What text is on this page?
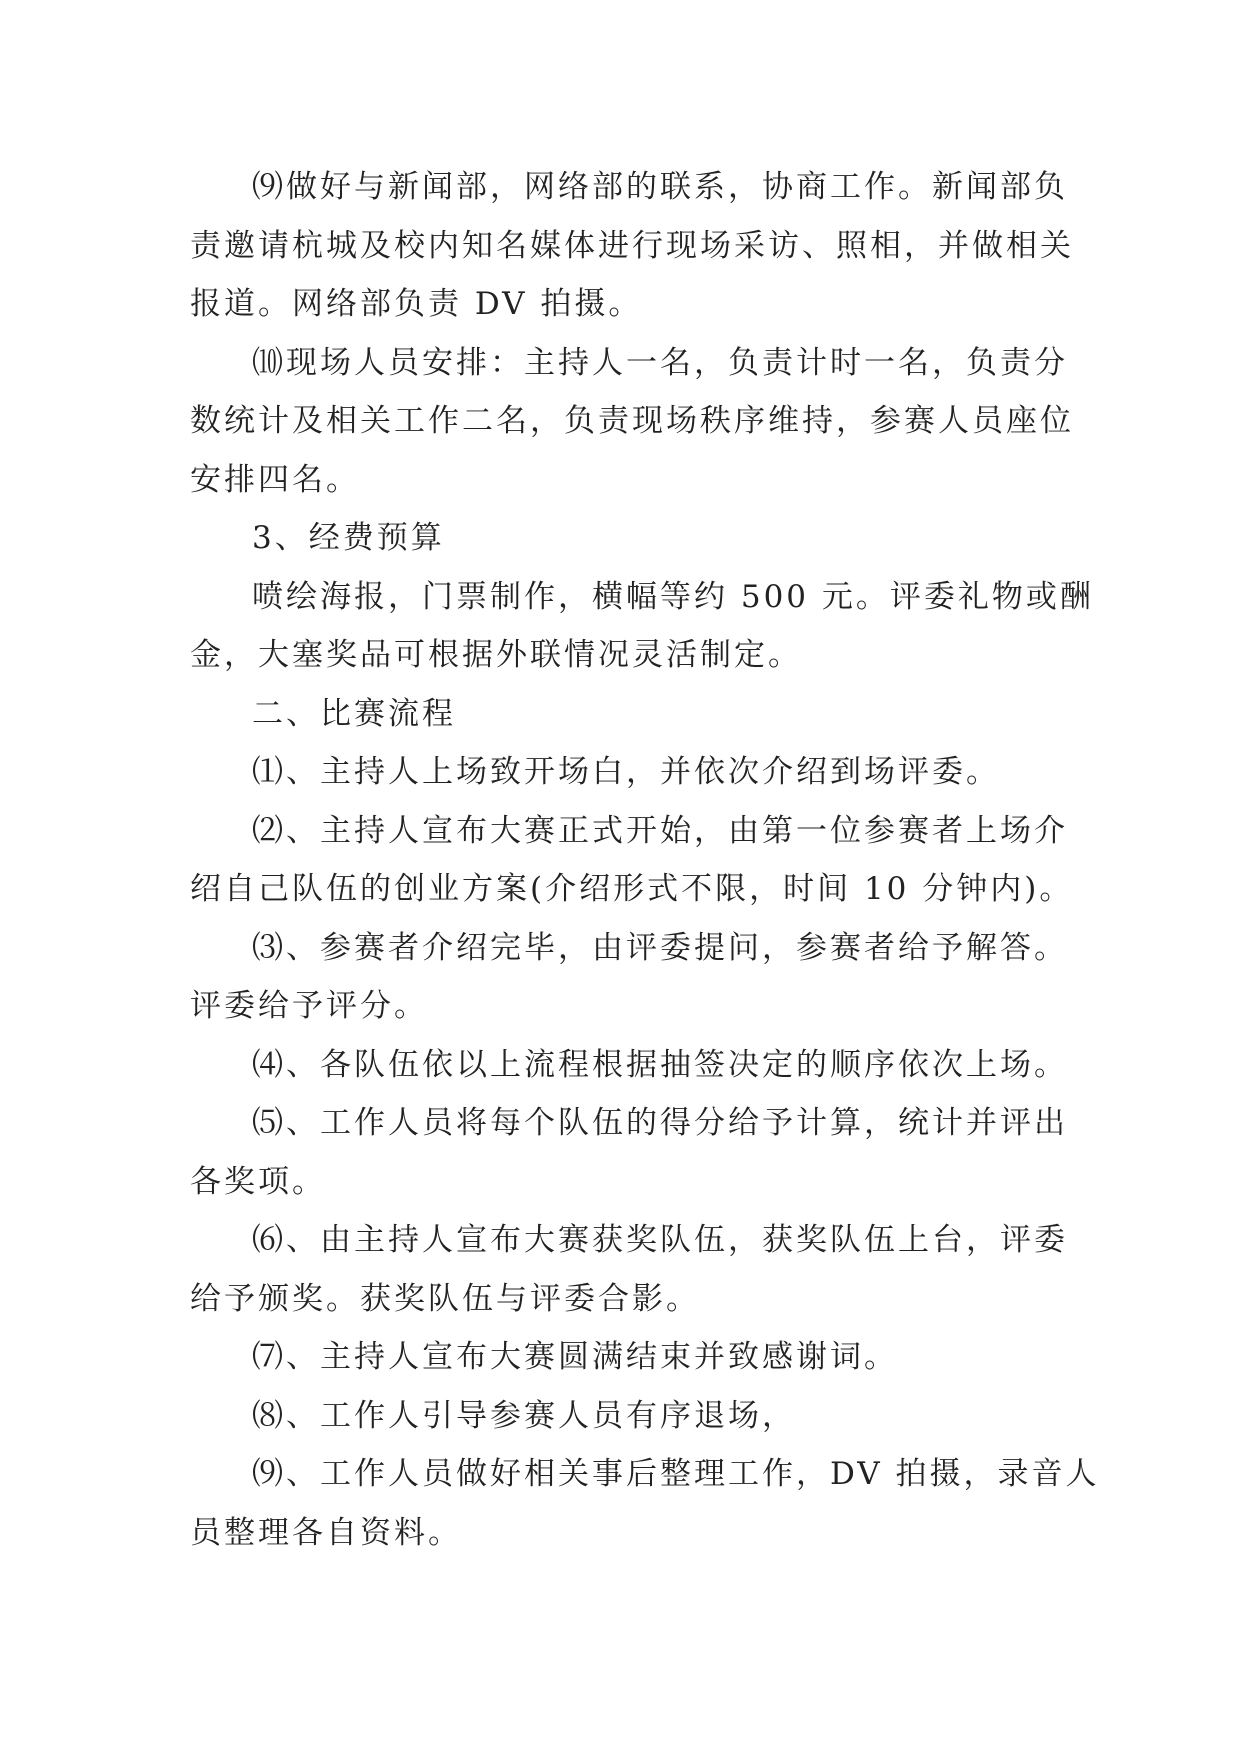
⑼做好与新闻部，网络部的联系，协商工作。新闻部负
责邀请杭城及校内知名媒体进行现场采访、照相，并做相关
报道。网络部负责 DV 拍摄。

⑽现场人员安排：主持人一名，负责计时一名，负责分
数统计及相关工作二名，负责现场秩序维持，参赛人员座位
安排四名。

3、经费预算

喷绘海报，门票制作，横幅等约 500 元。评委礼物或酬
金，大塞奖品可根据外联情况灵活制定。

二、比赛流程

⑴、主持人上场致开场白，并依次介绍到场评委。

⑵、主持人宣布大赛正式开始，由第一位参赛者上场介
绍自己队伍的创业方案(介绍形式不限，时间 10 分钟内)。

⑶、参赛者介绍完毕，由评委提问，参赛者给予解答。
评委给予评分。

⑷、各队伍依以上流程根据抽签决定的顺序依次上场。

⑸、工作人员将每个队伍的得分给予计算，统计并评出
各奖项。

⑹、由主持人宣布大赛获奖队伍，获奖队伍上台，评委
给予颁奖。获奖队伍与评委合影。

⑺、主持人宣布大赛圆满结束并致感谢词。

⑻、工作人引导参赛人员有序退场，

⑼、工作人员做好相关事后整理工作，DV 拍摄，录音人
员整理各自资料。
